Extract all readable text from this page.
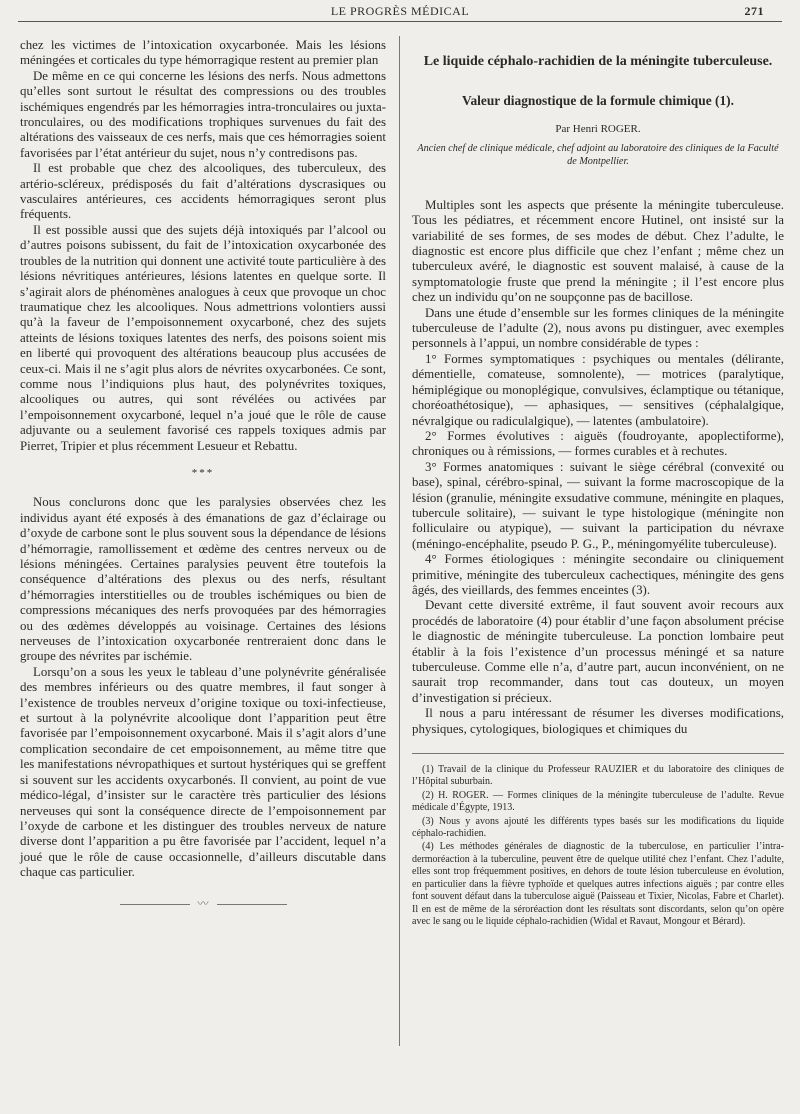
LE PROGRÈS MÉDICAL	271

chez les victimes de l’intoxication oxycarbonée. Mais les lésions méningées et corticales du type hémorragique restent au premier plan

De même en ce qui concerne les lésions des nerfs. Nous admettons qu’elles sont surtout le résultat des compressions ou des troubles ischémiques engendrés par les hémorragies intra-tronculaires ou juxta-tronculaires, ou des modifications trophiques survenues du fait des altérations des vaisseaux de ces nerfs, mais que ces hémorragies soient favorisées par l’état antérieur du sujet, nous n’y contredisons pas.

Il est probable que chez des alcooliques, des tuberculeux, des artério-scléreux, prédisposés du fait d’altérations dyscrasiques ou vasculaires antérieures, ces accidents hémorragiques seront plus fréquents.

Il est possible aussi que des sujets déjà intoxiqués par l’alcool ou d’autres poisons subissent, du fait de l’intoxication oxycarbonée des troubles de la nutrition qui donnent une activité toute particulière à des lésions névritiques antérieures, lésions latentes en quelque sorte. Il s’agirait alors de phénomènes analogues à ceux que provoque un choc traumatique chez les alcooliques. Nous admettrions volontiers aussi qu’à la faveur de l’empoisonnement oxycarboné, chez des sujets atteints de lésions toxiques latentes des nerfs, des poisons soient mis en liberté qui provoquent des altérations beaucoup plus accusées de ceux-ci. Mais il ne s’agit plus alors de névrites oxycarbonées. Ce sont, comme nous l’indiquions plus haut, des polynévrites toxiques, alcooliques ou autres, qui sont révélées ou activées par l’empoisonnement oxycarboné, lequel n’a joué que le rôle de cause adjuvante ou a seulement favorisé ces rappels toxiques admis par Pierret, Tripier et plus récemment Lesueur et Rebattu.

***

Nous conclurons donc que les paralysies observées chez les individus ayant été exposés à des émanations de gaz d’éclairage ou d’oxyde de carbone sont le plus souvent sous la dépendance de lésions d’hémorragie, ramollissement et œdème des centres nerveux ou de lésions méningées. Certaines paralysies peuvent être toutefois la conséquence d’altérations des plexus ou des nerfs, résultant d’hémorragies interstitielles ou de troubles ischémiques ou bien de compressions mécaniques des nerfs provoquées par des hémorragies ou des œdèmes développés au voisinage. Certaines des lésions nerveuses de l’intoxication oxycarbonée rentreraient donc dans le groupe des névrites par ischémie.

Lorsqu’on a sous les yeux le tableau d’une polynévrite généralisée des membres inférieurs ou des quatre membres, il faut songer à l’existence de troubles nerveux d’origine toxique ou toxi-infectieuse, et surtout à la polynévrite alcoolique dont l’apparition peut être favorisée par l’empoisonnement oxycarboné. Mais il s’agit alors d’une complication secondaire de cet empoisonnement, au même titre que les manifestations névropathiques et surtout hystériques qui se greffent si souvent sur les accidents oxycarbonés. Il convient, au point de vue médico-légal, d’insister sur le caractère très particulier des lésions nerveuses qui sont la conséquence directe de l’empoisonnement par l’oxyde de carbone et les distinguer des troubles nerveux de nature diverse dont l’apparition a pu être favorisée par l’accident, lequel n’a joué que le rôle de cause occasionnelle, d’ailleurs discutable dans chaque cas particulier.

〰
Le liquide céphalo-rachidien de la méningite tuberculeuse.
Valeur diagnostique de la formule chimique (1).
Par Henri ROGER.
Ancien chef de clinique médicale, chef adjoint au laboratoire des cliniques de la Faculté de Montpellier.

Multiples sont les aspects que présente la méningite tuberculeuse. Tous les pédiatres, et récemment encore Hutinel, ont insisté sur la variabilité de ses formes, de ses modes de début. Chez l’adulte, le diagnostic est encore plus difficile que chez l’enfant ; même chez un tuberculeux avéré, le diagnostic est souvent malaisé, à cause de la symptomatologie fruste que prend la méningite ; il l’est encore plus chez un individu qu’on ne soupçonne pas de bacillose.

Dans une étude d’ensemble sur les formes cliniques de la méningite tuberculeuse de l’adulte (2), nous avons pu distinguer, avec exemples personnels à l’appui, un nombre considérable de types :

1° Formes symptomatiques : psychiques ou mentales (délirante, démentielle, comateuse, somnolente), — motrices (paralytique, hémiplégique ou monoplégique, convulsives, éclamptique ou tétanique, choréoathétosique), — aphasiques, — sensitives (céphalalgique, névralgique ou radiculalgique), — latentes (ambulatoire).

2° Formes évolutives : aiguës (foudroyante, apoplectiforme), chroniques ou à rémissions, — formes curables et à rechutes.

3° Formes anatomiques : suivant le siège cérébral (convexité ou base), spinal, cérébro-spinal, — suivant la forme macroscopique de la lésion (granulie, méningite exsudative commune, méningite en plaques, tubercule solitaire), — suivant le type histologique (méningite non folliculaire ou atypique), — suivant la participation du névraxe (méningo-encéphalite, pseudo P. G., P., méningomyélite tuberculeuse).

4° Formes étiologiques : méningite secondaire ou cliniquement primitive, méningite des tuberculeux cachectiques, méningite des gens âgés, des vieillards, des femmes enceintes (3).

Devant cette diversité extrême, il faut souvent avoir recours aux procédés de laboratoire (4) pour établir d’une façon absolument précise le diagnostic de méningite tuberculeuse. La ponction lombaire peut établir à la fois l’existence d’un processus méningé et sa nature tuberculeuse. Comme elle n’a, d’autre part, aucun inconvénient, on ne saurait trop recommander, dans tout cas douteux, un moyen d’investigation si précieux.

Il nous a paru intéressant de résumer les diverses modifications, physiques, cytologiques, biologiques et chimiques du

(1) Travail de la clinique du Professeur RAUZIER et du laboratoire des cliniques de l’Hôpital suburbain.

(2) H. ROGER. — Formes cliniques de la méningite tuberculeuse de l’adulte. Revue médicale d’Égypte, 1913.

(3) Nous y avons ajouté les différents types basés sur les modifications du liquide céphalo-rachidien.

(4) Les méthodes générales de diagnostic de la tuberculose, en particulier l’intra-dermoréaction à la tuberculine, peuvent être de quelque utilité chez l’enfant. Chez l’adulte, elles sont trop fréquemment positives, en dehors de toute lésion tuberculeuse en évolution, en particulier dans la fièvre typhoïde et quelques autres infections aiguës ; par contre elles font souvent défaut dans la tuberculose aiguë (Paisseau et Tixier, Nicolas, Fabre et Charlet). Il en est de même de la séroréaction dont les résultats sont discordants, selon qu’on opère avec le sang ou le liquide céphalo-rachidien (Widal et Ravaut, Mongour et Bérard).
